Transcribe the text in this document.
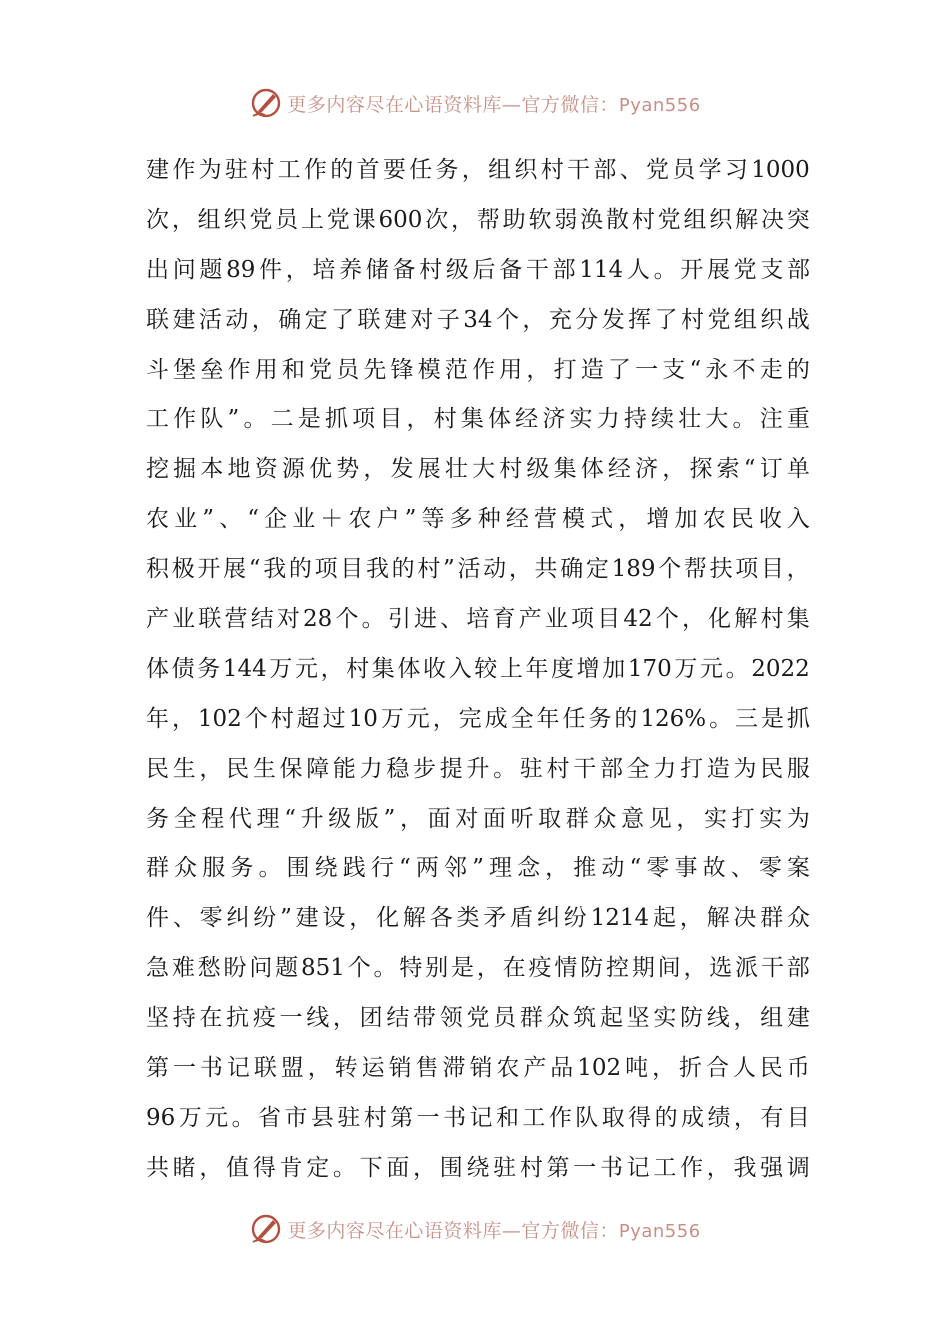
更多内容尽在心语资料库—官方微信：Pyan556
建 作 为 驻 村 工 作 的 首 要 任 务 ， 组 织 村 干 部 、 党 员 学 习 1000
次 ， 组 织 党 员 上 党 课 600 次 ， 帮 助 软 弱 涣 散 村 党 组 织 解 决 突
出 问 题 89 件 ， 培 养 储 备 村 级 后 备 干 部 114 人 。 开 展 党 支 部
联 建 活 动 ， 确 定 了 联 建 对 子 34 个 ， 充 分 发 挥 了 村 党 组 织 战
斗 堡 垒 作 用 和 党 员 先 锋 模 范 作 用 ， 打 造 了 一 支 “ 永 不 走 的
工 作 队 ” 。 二 是 抓 项 目 ， 村 集 体 经 济 实 力 持 续 壮 大 。 注 重
挖 掘 本 地 资 源 优 势 ， 发 展 壮 大 村 级 集 体 经 济 ， 探 索 “ 订 单
农 业 ” 、 “ 企 业 ＋ 农 户 ” 等 多 种 经 营 模 式 ， 增 加 农 民 收 入
积 极 开 展 “ 我 的 项 目 我 的 村 ” 活 动 ， 共 确 定 189 个 帮 扶 项 目 ，
产 业 联 营 结 对 28 个 。 引 进 、 培 育 产 业 项 目 42 个 ， 化 解 村 集
体 债 务 144 万 元 ， 村 集 体 收 入 较 上 年 度 增 加 170 万 元 。 2022
年 ， 102 个 村 超 过 10 万 元 ， 完 成 全 年 任 务 的 126% 。 三 是 抓
民 生 ， 民 生 保 障 能 力 稳 步 提 升 。 驻 村 干 部 全 力 打 造 为 民 服
务 全 程 代 理 “ 升 级 版 ” ， 面 对 面 听 取 群 众 意 见 ， 实 打 实 为
群 众 服 务 。 围 绕 践 行 “ 两 邻 ” 理 念 ， 推 动 “ 零 事 故 、 零 案
件 、 零 纠 纷 ” 建 设 ， 化 解 各 类 矛 盾 纠 纷 1214 起 ， 解 决 群 众
急 难 愁 盼 问 题 851 个 。 特 别 是 ， 在 疫 情 防 控 期 间 ， 选 派 干 部
坚 持 在 抗 疫 一 线 ， 团 结 带 领 党 员 群 众 筑 起 坚 实 防 线 ， 组 建
第 一 书 记 联 盟 ， 转 运 销 售 滞 销 农 产 品 102 吨 ， 折 合 人 民 币
96 万 元 。 省 市 县 驻 村 第 一 书 记 和 工 作 队 取 得 的 成 绩 ， 有 目
共 睹 ， 值 得 肯 定 。 下 面 ， 围 绕 驻 村 第 一 书 记 工 作 ， 我 强 调
更多内容尽在心语资料库—官方微信：Pyan556
